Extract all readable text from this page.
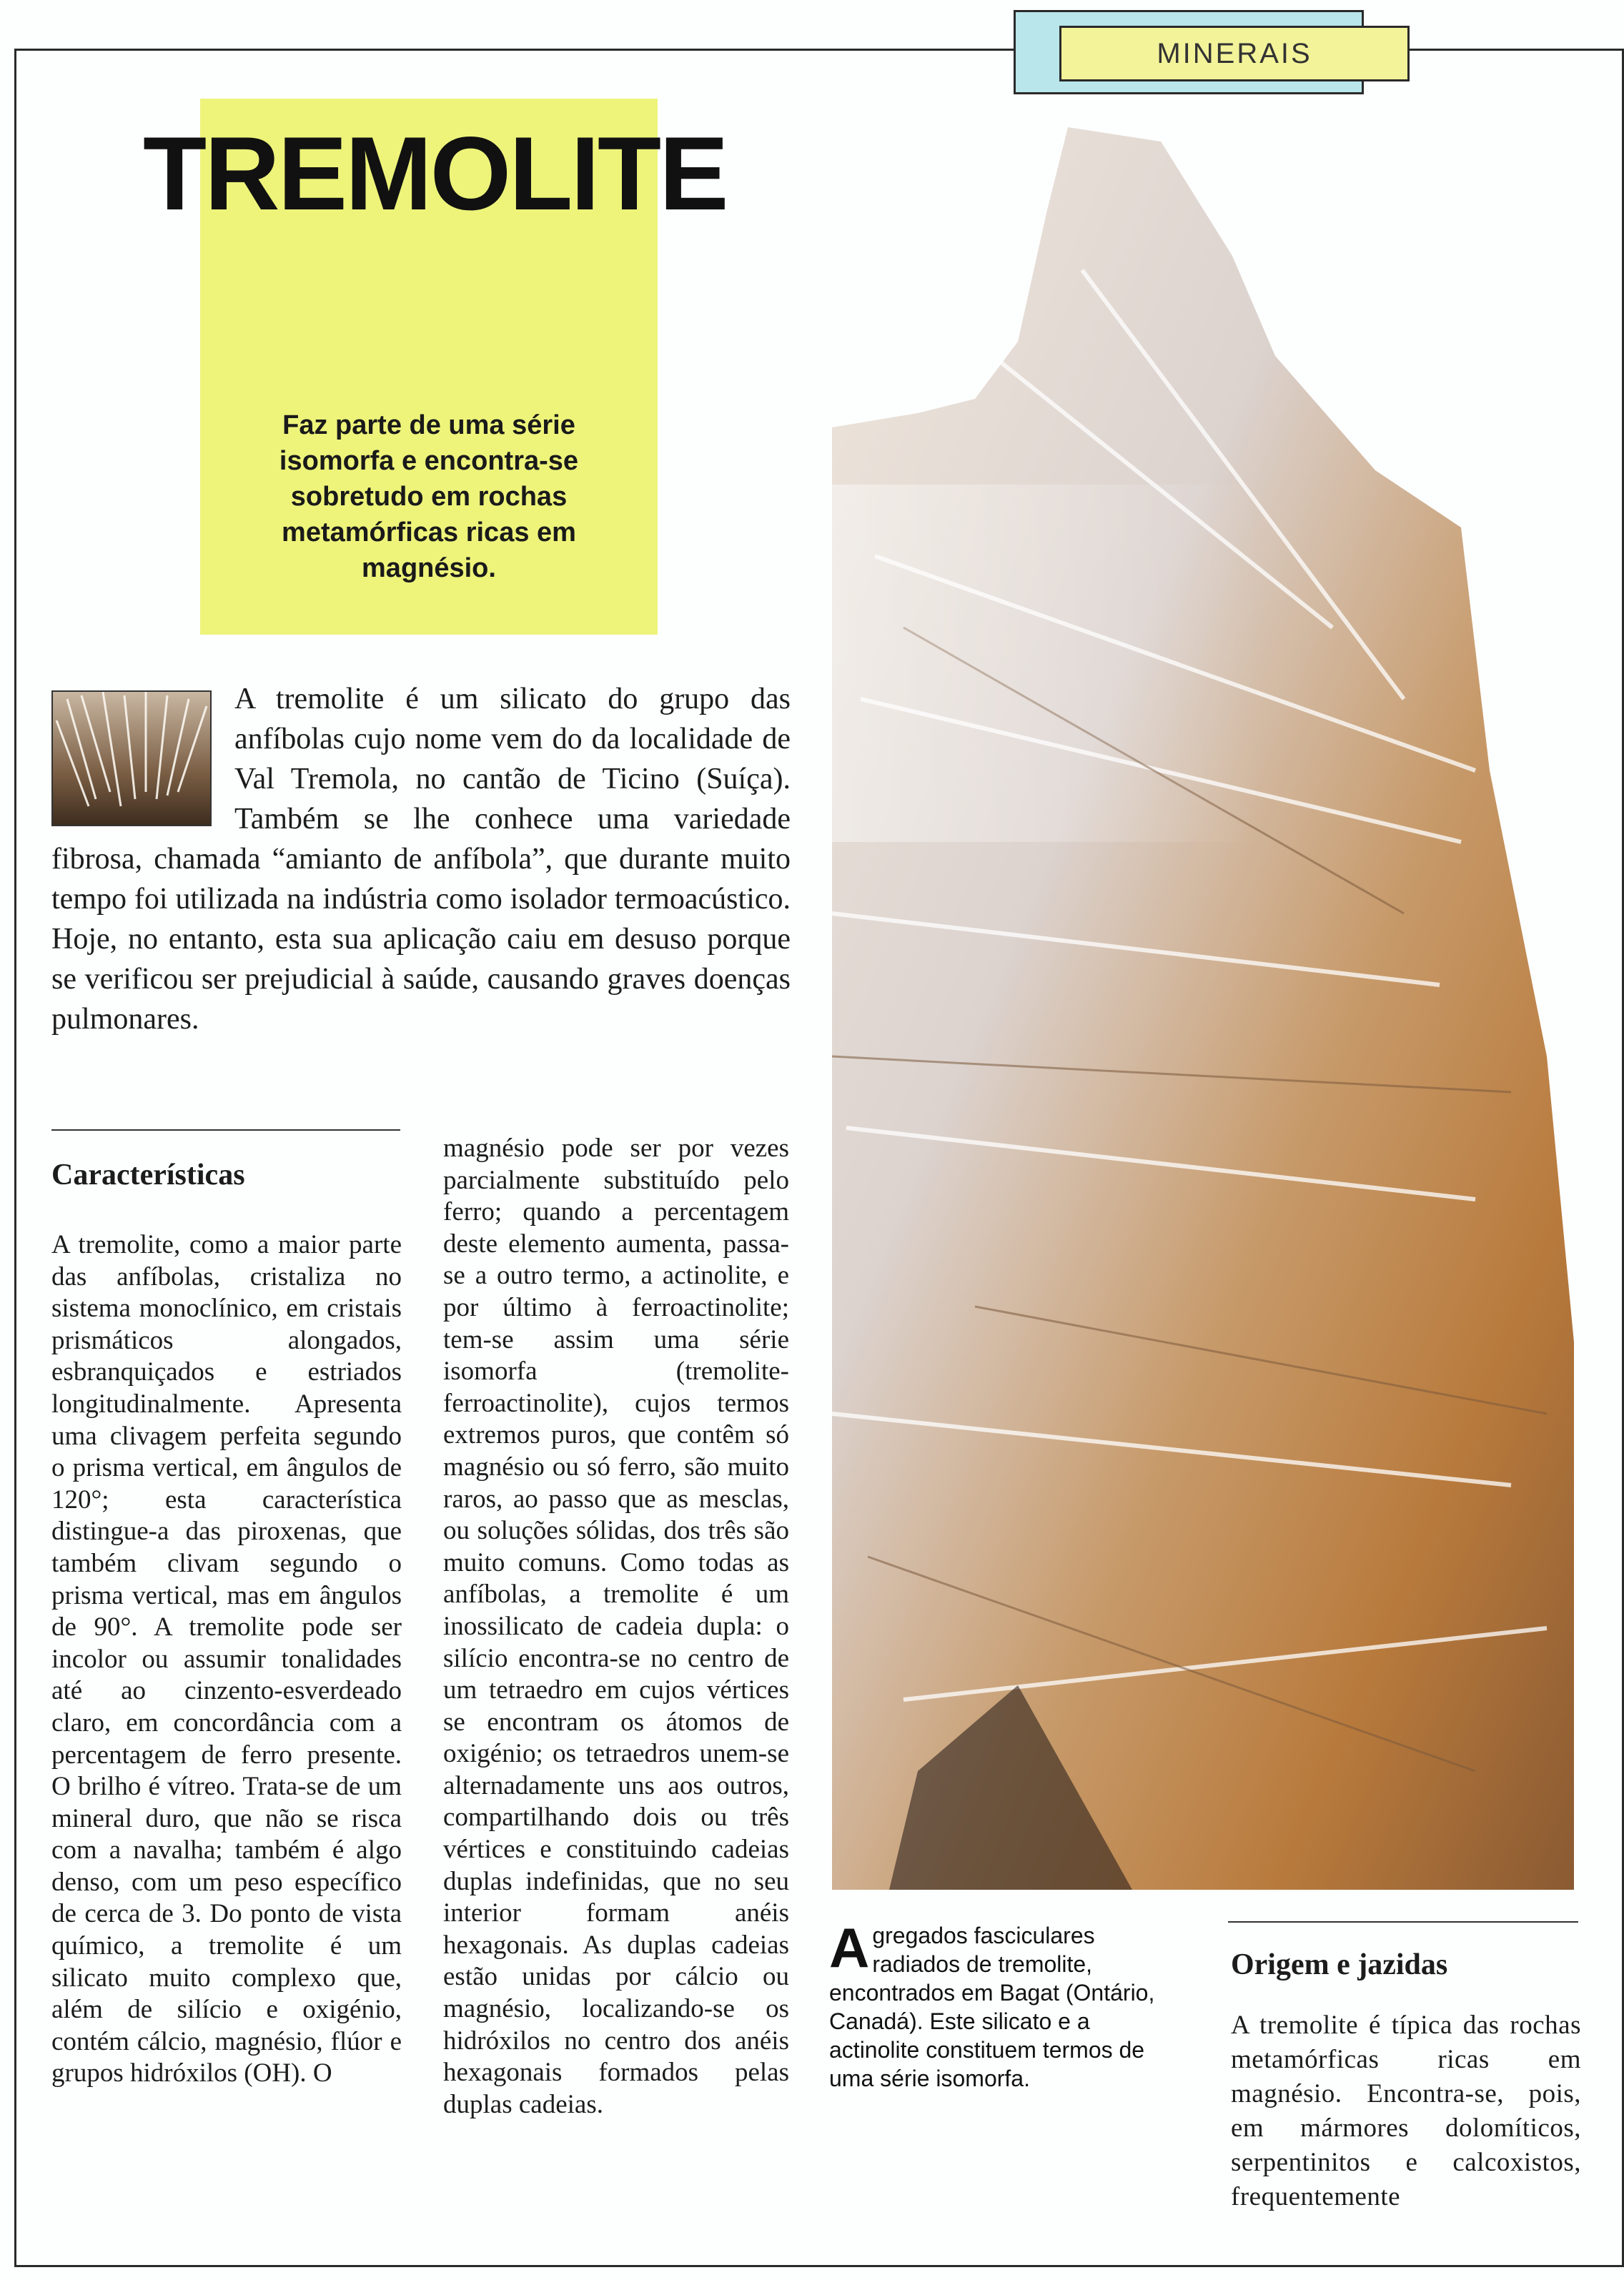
MINERAIS
TREMOLITE
Faz parte de uma série isomorfa e encontra-se sobretudo em rochas metamórficas ricas em magnésio.
A tremolite é um silicato do grupo das anfíbolas cujo nome vem do da localidade de Val Tremola, no cantão de Ticino (Suíça). Também se lhe conhece uma variedade fibrosa, chamada “amianto de anfíbola”, que durante muito tempo foi utilizada na indústria como isolador termoacústico. Hoje, no entanto, esta sua aplicação caiu em desuso porque se verificou ser prejudicial à saúde, causando graves doenças pulmonares.
Características
A tremolite, como a maior parte das anfíbolas, cristaliza no sistema monoclínico, em cristais prismáticos alongados, esbranquiçados e estriados longitudinalmente. Apresenta uma clivagem perfeita segundo o prisma vertical, em ângulos de 120°; esta característica distingue-a das piroxenas, que também clivam segundo o prisma vertical, mas em ângulos de 90°. A tremolite pode ser incolor ou assumir tonalidades até ao cinzento-esverdeado claro, em concordância com a percentagem de ferro presente. O brilho é vítreo. Trata-se de um mineral duro, que não se risca com a navalha; também é algo denso, com um peso específico de cerca de 3. Do ponto de vista químico, a tremolite é um silicato muito complexo que, além de silício e oxigénio, contém cálcio, magnésio, flúor e grupos hidróxilos (OH). O
magnésio pode ser por vezes parcialmente substituído pelo ferro; quando a percentagem deste elemento aumenta, passa-se a outro termo, a actinolite, e por último à ferroactinolite; tem-se assim uma série isomorfa (tremolite-ferroactinolite), cujos termos extremos puros, que contêm só magnésio ou só ferro, são muito raros, ao passo que as mesclas, ou soluções sólidas, dos três são muito comuns. Como todas as anfíbolas, a tremolite é um inossilicato de cadeia dupla: o silício encontra-se no centro de um tetraedro em cujos vértices se encontram os átomos de oxigénio; os tetraedros unem-se alternadamente uns aos outros, compartilhando dois ou três vértices e constituindo cadeias duplas indefinidas, que no seu interior formam anéis hexagonais. As duplas cadeias estão unidas por cálcio ou magnésio, localizando-se os hidróxilos no centro dos anéis hexagonais formados pelas duplas cadeias.
Agregados fasciculares radiados de tremolite, encontrados em Bagat (Ontário, Canadá). Este silicato e a actinolite constituem termos de uma série isomorfa.
Origem e jazidas
A tremolite é típica das rochas metamórficas ricas em magnésio. Encontra-se, pois, em mármores dolomíticos, serpentinitos e calcoxistos, frequentemente
